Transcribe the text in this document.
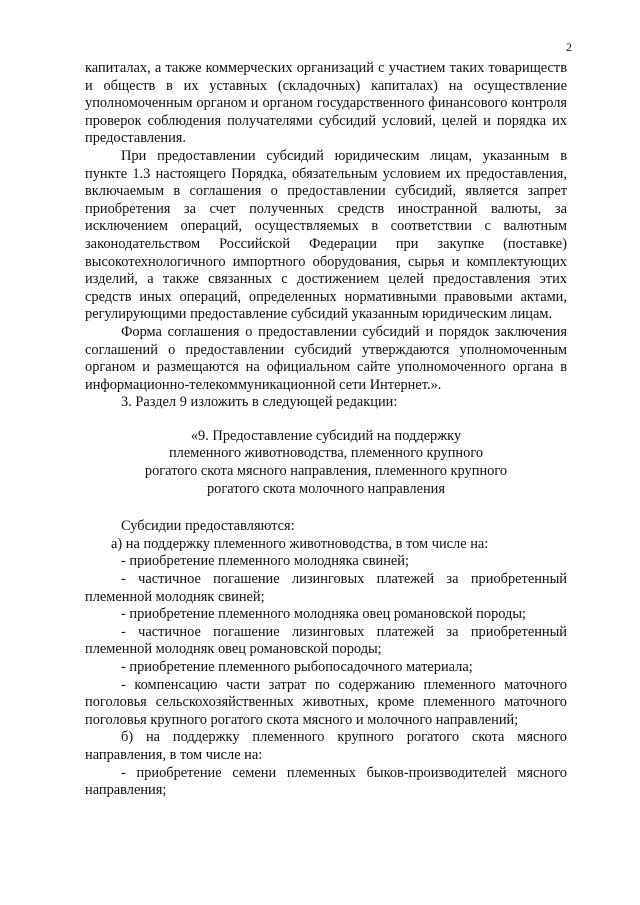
2

капиталах, а также коммерческих организаций с участием таких товариществ и обществ в их уставных (складочных) капиталах) на осуществление уполномоченным органом и органом государственного финансового контроля проверок соблюдения получателями субсидий условий, целей и порядка их предоставления.

При предоставлении субсидий юридическим лицам, указанным в пункте 1.3 настоящего Порядка, обязательным условием их предоставления, включаемым в соглашения о предоставлении субсидий, является запрет приобретения за счет полученных средств иностранной валюты, за исключением операций, осуществляемых в соответствии с валютным законодательством Российской Федерации при закупке (поставке) высокотехнологичного импортного оборудования, сырья и комплектующих изделий, а также связанных с достижением целей предоставления этих средств иных операций, определенных нормативными правовыми актами, регулирующими предоставление субсидий указанным юридическим лицам.

Форма соглашения о предоставлении субсидий и порядок заключения соглашений о предоставлении субсидий утверждаются уполномоченным органом и размещаются на официальном сайте уполномоченного органа в информационно-телекоммуникационной сети Интернет.».

3. Раздел 9 изложить в следующей редакции:

«9. Предоставление субсидий на поддержку
племенного животноводства, племенного крупного
рогатого скота мясного направления, племенного крупного
рогатого скота молочного направления

Субсидии предоставляются:

а) на поддержку племенного животноводства, в том числе на:

- приобретение племенного молодняка свиней;

- частичное погашение лизинговых платежей за приобретенный племенной молодняк свиней;

- приобретение племенного молодняка овец романовской породы;

- частичное погашение лизинговых платежей за приобретенный племенной молодняк овец романовской породы;

- приобретение племенного рыбопосадочного материала;

- компенсацию части затрат по содержанию племенного маточного поголовья сельскохозяйственных животных, кроме племенного маточного поголовья крупного рогатого скота мясного и молочного направлений;

б) на поддержку племенного крупного рогатого скота мясного направления, в том числе на:

- приобретение семени племенных быков-производителей мясного направления;
